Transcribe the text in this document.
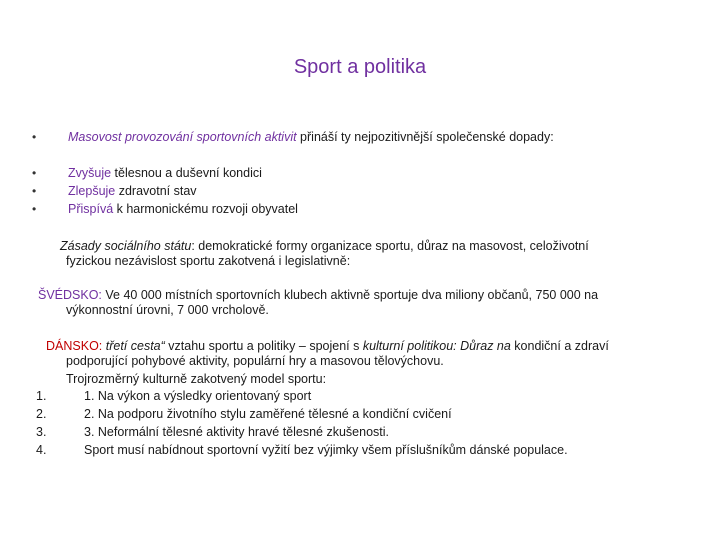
Sport a politika
•	Masovost provozování sportovních aktivit přináší ty nejpozitivnější společenské dopady:
•	Zvyšuje tělesnou a duševní kondici
•	Zlepšuje zdravotní stav
•	Přispívá k harmonickému rozvoji obyvatel
Zásady sociálního státu: demokratické formy organizace sportu, důraz na masovost, celoživotní
fyzickou nezávislost sportu zakotvená i legislativně:
ŠVÉDSKO: Ve 40 000 místních sportovních klubech aktivně sportuje dva miliony občanů, 750 000 na
výkonnostní úrovni, 7 000 vrcholově.
DÁNSKO: třetí cesta“ vztahu sportu a politiky – spojení s kulturní politikou: Důraz na kondiční a zdraví
podporující pohybové aktivity, populární hry a masovou tělovýchovu.
Trojrozměrný kulturně zakotvený model sportu:
1.	1. Na výkon a výsledky orientovaný sport
2.	2. Na podporu životního stylu zaměřené tělesné a kondiční cvičení
3.	3. Neformální tělesné aktivity hravé tělesné zkušenosti.
4.	Sport musí nabídnout sportovní vyžití bez výjimky všem příslušníkům dánské populace.
